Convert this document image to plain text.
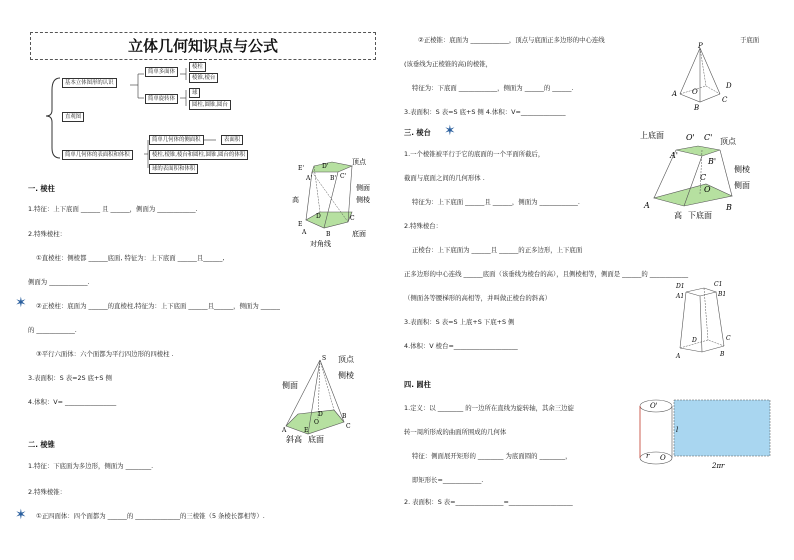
立体几何知识点与公式
基本立体图形的认识
简单多面体
棱柱
棱锥,棱台
简单旋转体
球
圆柱,圆锥,圆台
直观图
简单几何体的表面积和体积
简单几何体的侧面积	表面积
棱柱,棱锥,棱台和圆柱,圆锥,圆台的体积
球的表面积和体积
一. 棱柱
1.特征：上下底面 ______ 且 ______，侧面为 ____________.
2.特殊棱柱：
①直棱柱：侧棱都 ______底面, 特征为：上下底面 ______且______,
侧面为 ____________.
✶ ②正棱柱：底面为 ______的直棱柱,特征为：上下底面 ______且______，侧面为 ______
的 ____________.
③平行六面体：六个面都为平行四边形的四棱柱 .
3.表面积：S 表=2S 底+S 侧
4.体积：V= ________________
二. 棱锥
1.特征：下底面为多边形，侧面为 ________.
2.特殊棱锥：
✶ ①正四面体：四个面都为 ______的 ______________的三棱锥（5 条棱长都相等）.
②正棱锥：底面为 ____________，顶点与底面正多边形的中心连线	于底面
(该垂线为正棱锥的高)的棱锥，
特征为：下底面 ____________，侧面为 ______的 ______.
3.表面积：S 表=S 底+S 侧 4.体积：V=______________
三. 棱台 ✶
1.一个棱锥被平行于它的底面的一个平面所截后，
截面与底面之间的几何形体 .
特征为：上下底面 ______且 ______，侧面为 ____________.
2.特殊棱台：
正棱台：上下底面为 ______且 ______的正多边形，上下底面
正多边形的中心连线 ______底面（该垂线为棱台的高），且侧棱相等，侧面是 ______的 ____________
（侧面各等腰梯形的高相等，并叫做正棱台的斜高）
3.表面积：S 表=S 上底+S 下底+S 侧
4.体积：V 棱台=____________________
四. 圆柱
1.定义：以 ________ 的一边所在直线为旋转轴，其余三边旋
转一周所形成的曲面所围成的几何体
特征：侧面展开矩形的 ________ 为底面圆的 ________，
即矩形长=____________.
2. 表面积：S 表=_______________=____________________
顶点
侧面
侧棱
底面
高
对角线
D'
C'
A'	B'
E'
D	C
E
A	B
顶点
侧棱
侧面
斜高 底面
S
A
B
C
D
O
E
P
A
B
C
D
O
上底面
顶点
侧棱
侧面
高 下底面
A'
B'
C'
O'
A	B
C
O
D1	C1
A1	B1
D	C
A	B
O'
r O
l
2πr
